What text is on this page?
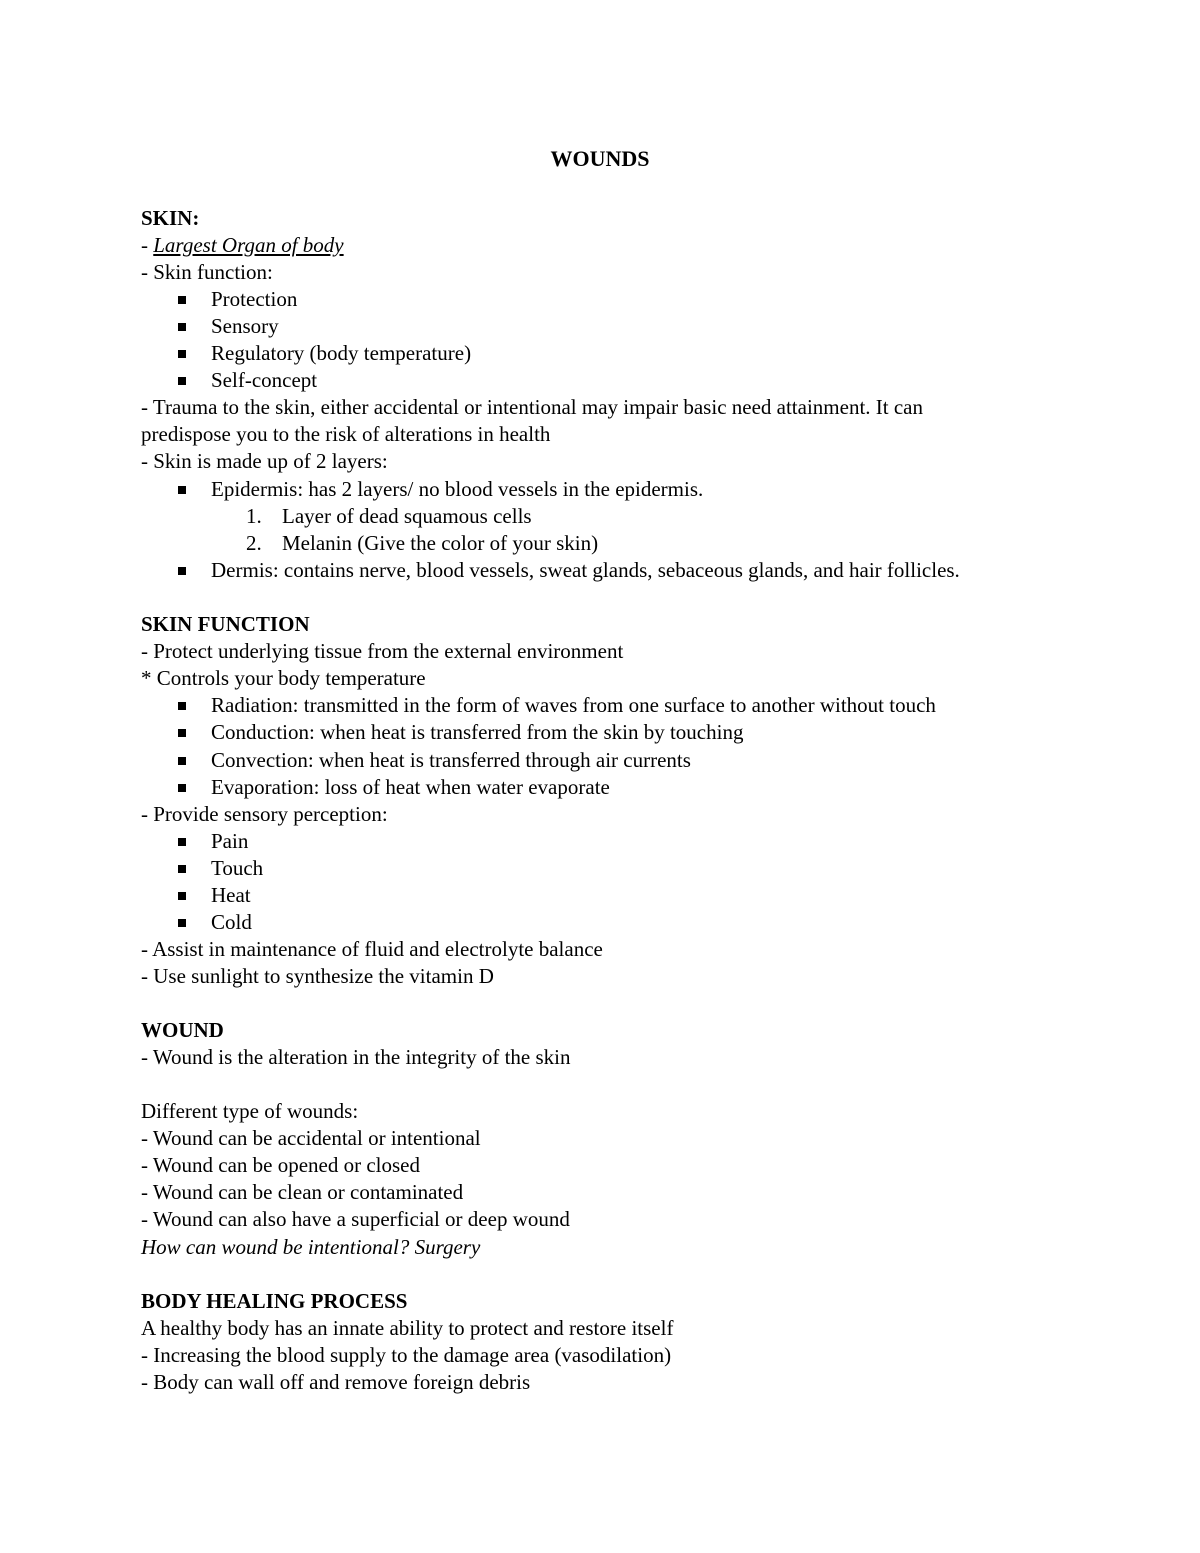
WOUNDS
SKIN:
- Largest Organ of body
- Skin function:
Protection
Sensory
Regulatory (body temperature)
Self-concept
- Trauma to the skin, either accidental or intentional may impair basic need attainment. It can
predispose you to the risk of alterations in health
- Skin is made up of 2 layers:
Epidermis: has 2 layers/ no blood vessels in the epidermis.
1. Layer of dead squamous cells
2. Melanin (Give the color of your skin)
Dermis: contains nerve, blood vessels, sweat glands, sebaceous glands, and hair follicles.
SKIN FUNCTION
- Protect underlying tissue from the external environment
* Controls your body temperature
Radiation: transmitted in the form of waves from one surface to another without touch
Conduction: when heat is transferred from the skin by touching
Convection: when heat is transferred through air currents
Evaporation: loss of heat when water evaporate
- Provide sensory perception:
Pain
Touch
Heat
Cold
- Assist in maintenance of fluid and electrolyte balance
- Use sunlight to synthesize the vitamin D
WOUND
- Wound is the alteration in the integrity of the skin
Different type of wounds:
- Wound can be accidental or intentional
- Wound can be opened or closed
- Wound can be clean or contaminated
- Wound can also have a superficial or deep wound
How can wound be intentional? Surgery
BODY HEALING PROCESS
A healthy body has an innate ability to protect and restore itself
- Increasing the blood supply to the damage area (vasodilation)
- Body can wall off and remove foreign debris
